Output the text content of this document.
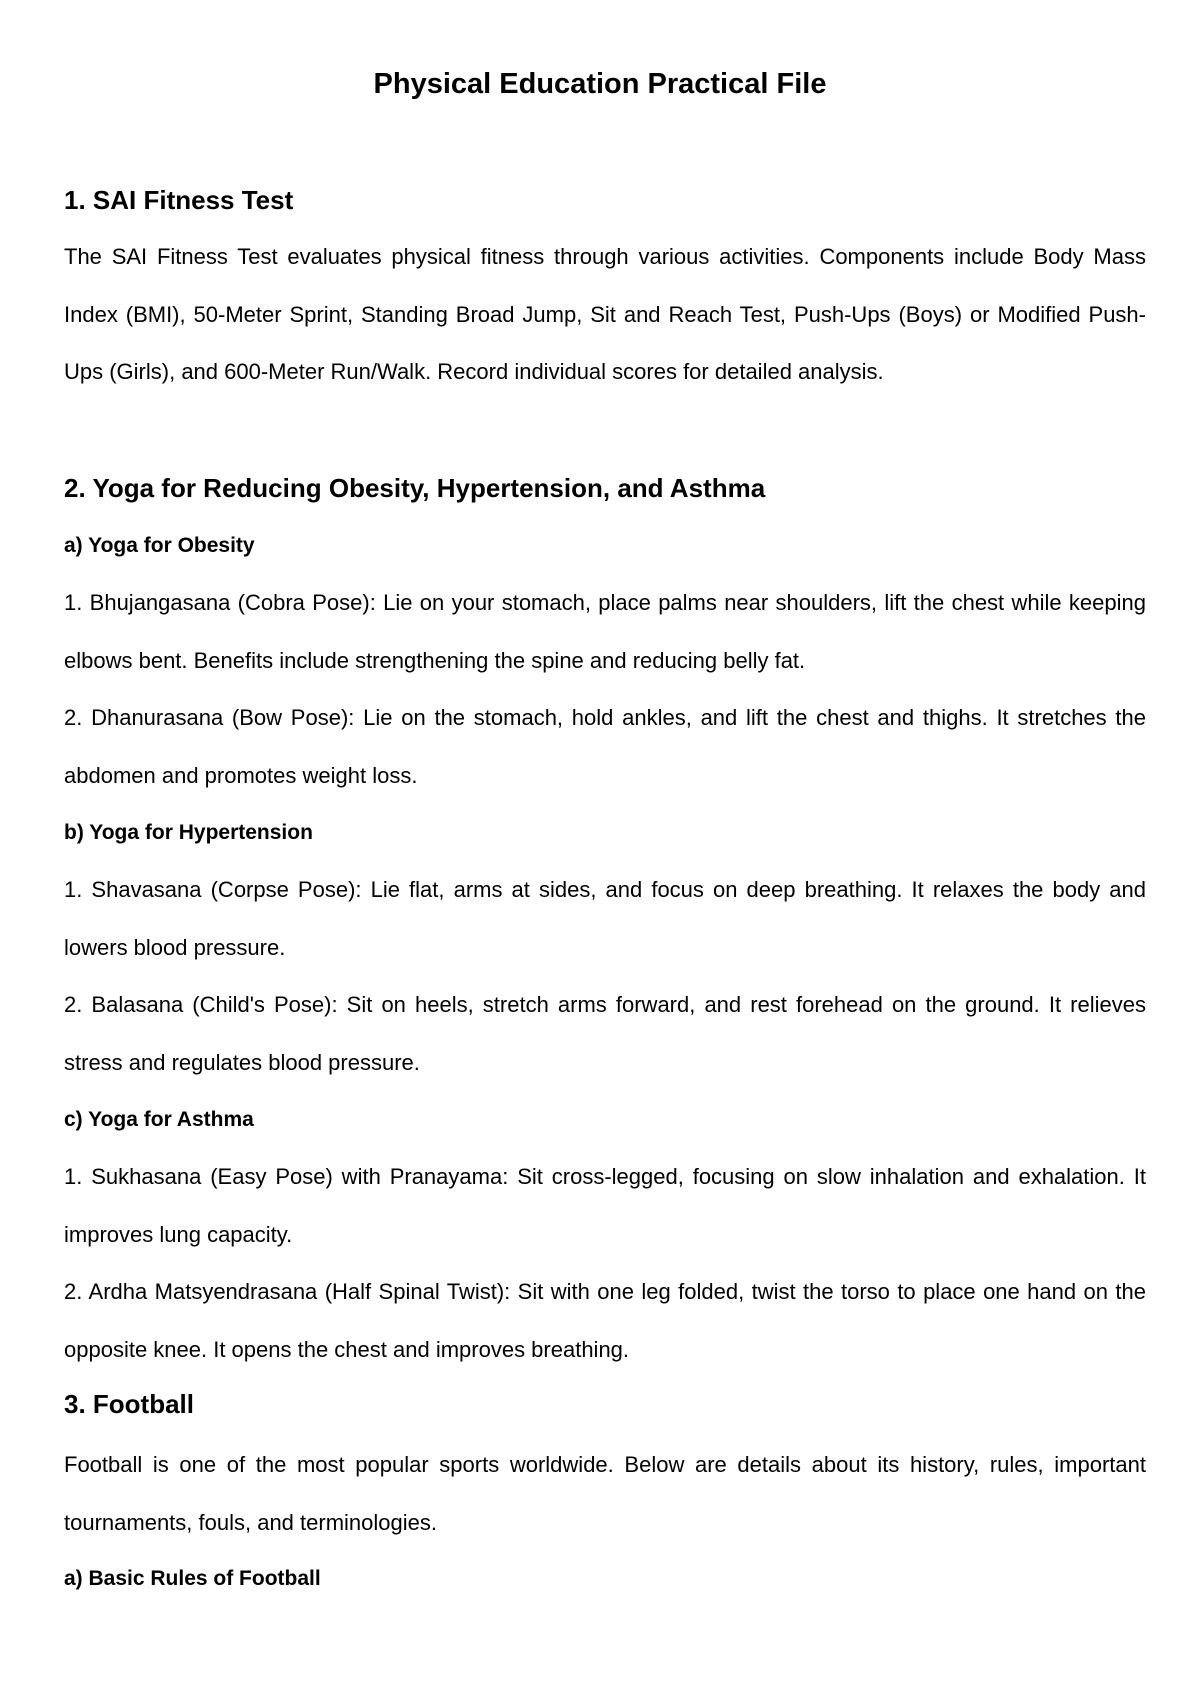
Physical Education Practical File
1. SAI Fitness Test

The SAI Fitness Test evaluates physical fitness through various activities. Components include Body Mass Index (BMI), 50-Meter Sprint, Standing Broad Jump, Sit and Reach Test, Push-Ups (Boys) or Modified Push-Ups (Girls), and 600-Meter Run/Walk. Record individual scores for detailed analysis.

2. Yoga for Reducing Obesity, Hypertension, and Asthma
a) Yoga for Obesity

1. Bhujangasana (Cobra Pose): Lie on your stomach, place palms near shoulders, lift the chest while keeping elbows bent. Benefits include strengthening the spine and reducing belly fat.

2. Dhanurasana (Bow Pose): Lie on the stomach, hold ankles, and lift the chest and thighs. It stretches the abdomen and promotes weight loss.

b) Yoga for Hypertension

1. Shavasana (Corpse Pose): Lie flat, arms at sides, and focus on deep breathing. It relaxes the body and lowers blood pressure.

2. Balasana (Child's Pose): Sit on heels, stretch arms forward, and rest forehead on the ground. It relieves stress and regulates blood pressure.

c) Yoga for Asthma

1. Sukhasana (Easy Pose) with Pranayama: Sit cross-legged, focusing on slow inhalation and exhalation. It improves lung capacity.

2. Ardha Matsyendrasana (Half Spinal Twist): Sit with one leg folded, twist the torso to place one hand on the opposite knee. It opens the chest and improves breathing.

3. Football

Football is one of the most popular sports worldwide. Below are details about its history, rules, important tournaments, fouls, and terminologies.

a) Basic Rules of Football
